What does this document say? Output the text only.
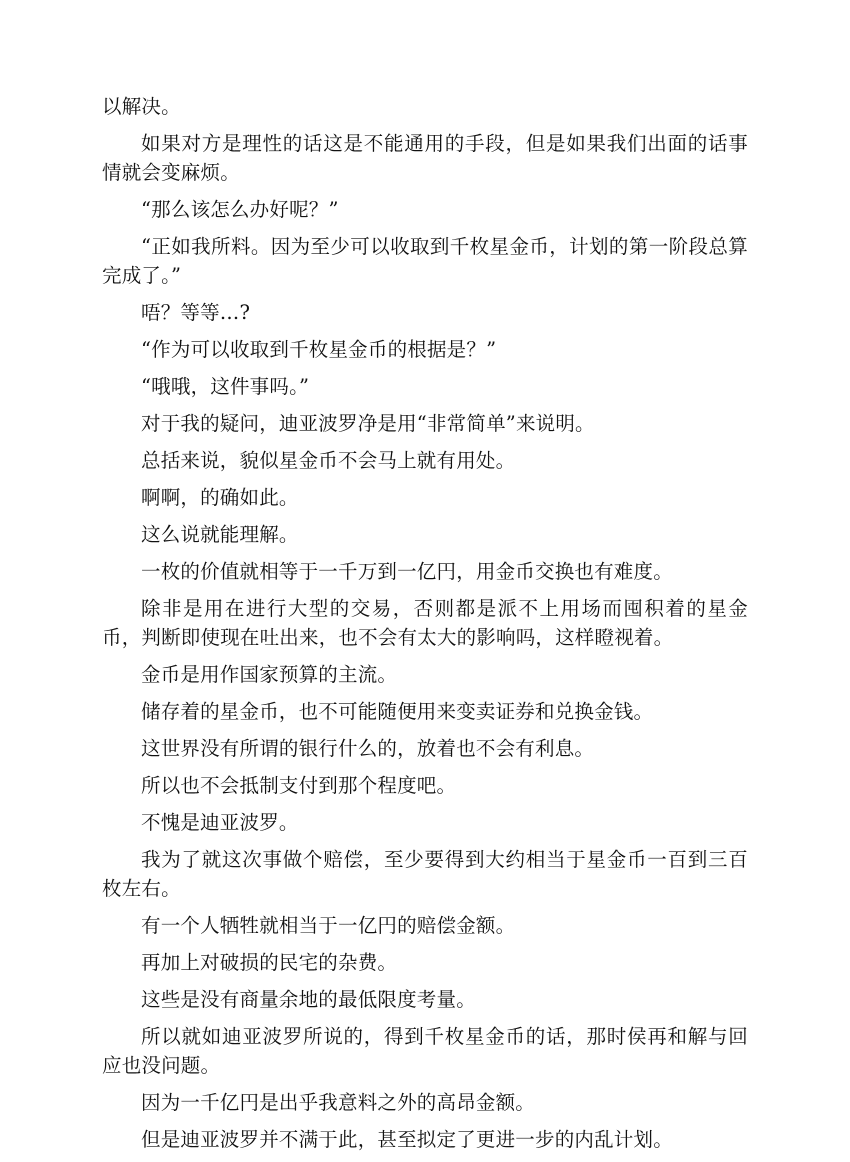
以解决。

如果对方是理性的话这是不能通用的手段，但是如果我们出面的话事情就会变麻烦。

“那么该怎么办好呢？”

“正如我所料。因为至少可以收取到千枚星金币，计划的第一阶段总算完成了。”

唔？等等…?

“作为可以收取到千枚星金币的根据是？”

“哦哦，这件事吗。”

对于我的疑问，迪亚波罗净是用“非常简单”来说明。

总括来说，貌似星金币不会马上就有用处。

啊啊，的确如此。

这么说就能理解。

一枚的价值就相等于一千万到一亿円，用金币交换也有难度。

除非是用在进行大型的交易，否则都是派不上用场而囤积着的星金币，判断即使现在吐出来，也不会有太大的影响吗，这样瞪视着。

金币是用作国家预算的主流。

储存着的星金币，也不可能随便用来变卖证券和兑换金钱。

这世界没有所谓的银行什么的，放着也不会有利息。

所以也不会抵制支付到那个程度吧。

不愧是迪亚波罗。

我为了就这次事做个赔偿，至少要得到大约相当于星金币一百到三百枚左右。

有一个人牺牲就相当于一亿円的赔偿金额。

再加上对破损的民宅的杂费。

这些是没有商量余地的最低限度考量。

所以就如迪亚波罗所说的，得到千枚星金币的话，那时侯再和解与回应也没问题。

因为一千亿円是出乎我意料之外的高昂金额。

但是迪亚波罗并不满于此，甚至拟定了更进一步的内乱计划。
